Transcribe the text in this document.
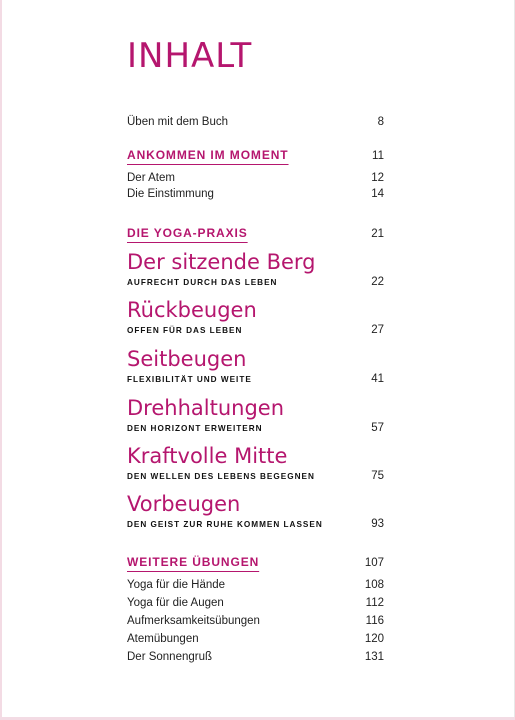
INHALT
Üben mit dem Buch	8
ANKOMMEN IM MOMENT	11
Der Atem	12
Die Einstimmung	14
DIE YOGA-PRAXIS	21
Der sitzende Berg
AUFRECHT DURCH DAS LEBEN	22
Rückbeugen
OFFEN FÜR DAS LEBEN	27
Seitbeugen
FLEXIBILITÄT UND WEITE	41
Drehhaltungen
DEN HORIZONT ERWEITERN	57
Kraftvolle Mitte
DEN WELLEN DES LEBENS BEGEGNEN	75
Vorbeugen
DEN GEIST ZUR RUHE KOMMEN LASSEN	93
WEITERE ÜBUNGEN	107
Yoga für die Hände	108
Yoga für die Augen	112
Aufmerksamkeitsübungen	116
Atemübungen	120
Der Sonnengruß	131
